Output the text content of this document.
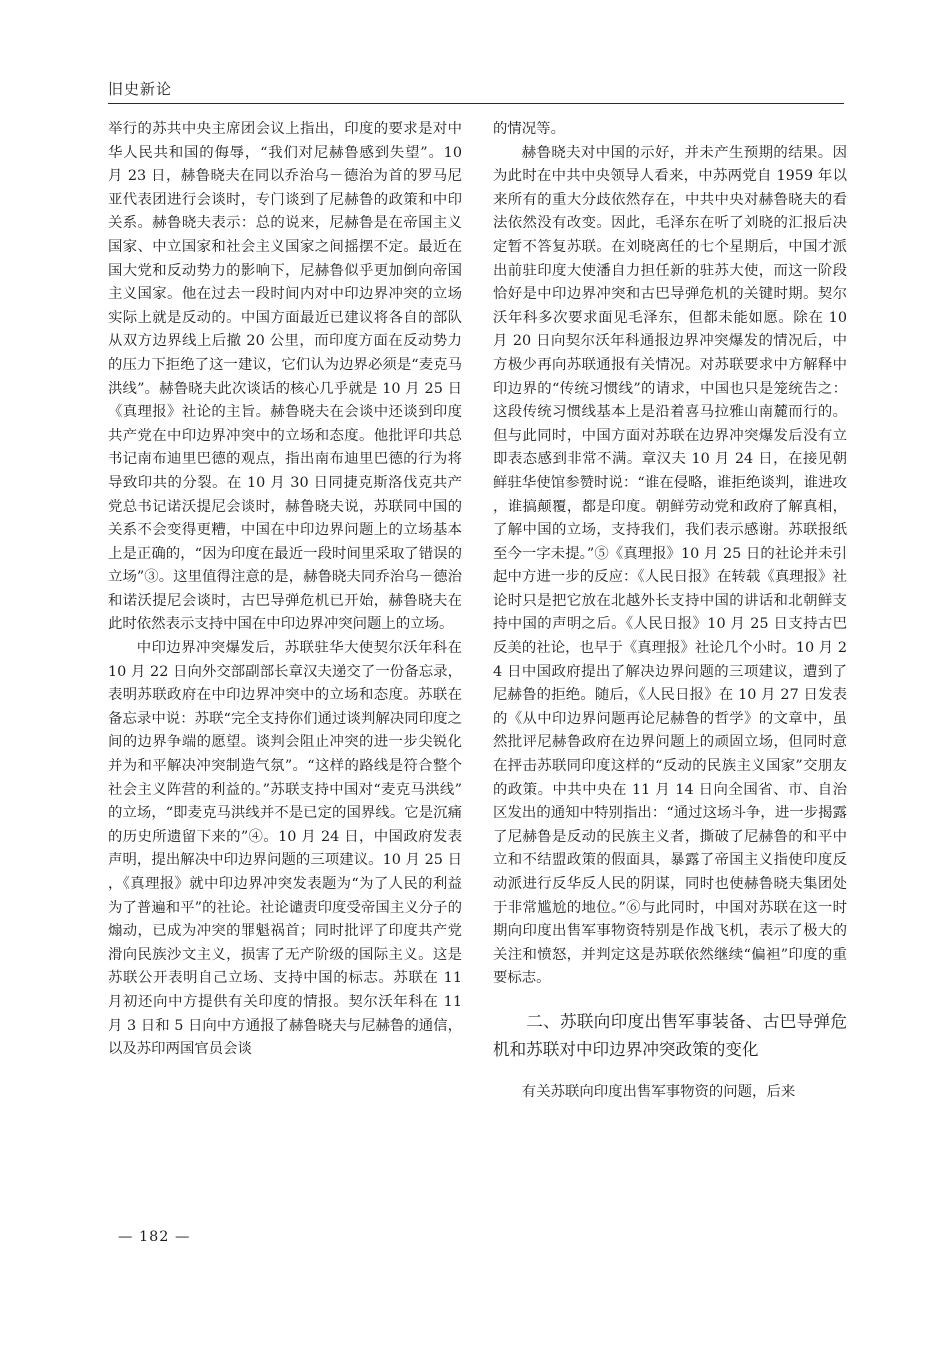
旧史新论

举行的苏共中央主席团会议上指出，印度的要求是对中华人民共和国的侮辱，“我们对尼赫鲁感到失望”。10 月 23 日，赫鲁晓夫在同以乔治乌－德治为首的罗马尼亚代表团进行会谈时，专门谈到了尼赫鲁的政策和中印关系。赫鲁晓夫表示：总的说来，尼赫鲁是在帝国主义国家、中立国家和社会主义国家之间摇摆不定。最近在国大党和反动势力的影响下，尼赫鲁似乎更加倒向帝国主义国家。他在过去一段时间内对中印边界冲突的立场实际上就是反动的。中国方面最近已建议将各自的部队从双方边界线上后撤 20 公里，而印度方面在反动势力的压力下拒绝了这一建议，它们认为边界必须是“麦克马洪线”。赫鲁晓夫此次谈话的核心几乎就是 10 月 25 日《真理报》社论的主旨。赫鲁晓夫在会谈中还谈到印度共产党在中印边界冲突中的立场和态度。他批评印共总书记南布迪里巴德的观点，指出南布迪里巴德的行为将导致印共的分裂。在 10 月 30 日同捷克斯洛伐克共产党总书记诺沃提尼会谈时，赫鲁晓夫说，苏联同中国的关系不会变得更糟，中国在中印边界问题上的立场基本上是正确的，“因为印度在最近一段时间里采取了错误的立场”③。这里值得注意的是，赫鲁晓夫同乔治乌－德治和诺沃提尼会谈时，古巴导弹危机已开始，赫鲁晓夫在此时依然表示支持中国在中印边界冲突问题上的立场。

中印边界冲突爆发后，苏联驻华大使契尔沃年科在 10 月 22 日向外交部副部长章汉夫递交了一份备忘录，表明苏联政府在中印边界冲突中的立场和态度。苏联在备忘录中说：苏联“完全支持你们通过谈判解决同印度之间的边界争端的愿望。谈判会阻止冲突的进一步尖锐化并为和平解决冲突制造气氛”。“这样的路线是符合整个社会主义阵营的利益的。”苏联支持中国对“麦克马洪线”的立场，“即麦克马洪线并不是已定的国界线。它是沉痛的历史所遗留下来的”④。10 月 24 日，中国政府发表声明，提出解决中印边界问题的三项建议。10 月 25 日，《真理报》就中印边界冲突发表题为“为了人民的利益 为了普遍和平”的社论。社论谴责印度受帝国主义分子的煽动，已成为冲突的罪魁祸首；同时批评了印度共产党滑向民族沙文主义，损害了无产阶级的国际主义。这是苏联公开表明自己立场、支持中国的标志。苏联在 11 月初还向中方提供有关印度的情报。契尔沃年科在 11 月 3 日和 5 日向中方通报了赫鲁晓夫与尼赫鲁的通信，以及苏印两国官员会谈

的情况等。

赫鲁晓夫对中国的示好，并未产生预期的结果。因为此时在中共中央领导人看来，中苏两党自 1959 年以来所有的重大分歧依然存在，中共中央对赫鲁晓夫的看法依然没有改变。因此，毛泽东在听了刘晓的汇报后决定暂不答复苏联。在刘晓离任的七个星期后，中国才派出前驻印度大使潘自力担任新的驻苏大使，而这一阶段恰好是中印边界冲突和古巴导弹危机的关键时期。契尔沃年科多次要求面见毛泽东，但都未能如愿。除在 10 月 20 日向契尔沃年科通报边界冲突爆发的情况后，中方极少再向苏联通报有关情况。对苏联要求中方解释中印边界的“传统习惯线”的请求，中国也只是笼统告之：这段传统习惯线基本上是沿着喜马拉雅山南麓而行的。但与此同时，中国方面对苏联在边界冲突爆发后没有立即表态感到非常不满。章汉夫 10 月 24 日，在接见朝鲜驻华使馆参赞时说：“谁在侵略，谁拒绝谈判，谁进攻，谁搞颠覆，都是印度。朝鲜劳动党和政府了解真相，了解中国的立场，支持我们，我们表示感谢。苏联报纸至今一字未提。”⑤《真理报》10 月 25 日的社论并未引起中方进一步的反应：《人民日报》在转载《真理报》社论时只是把它放在北越外长支持中国的讲话和北朝鲜支持中国的声明之后。《人民日报》10 月 25 日支持古巴反美的社论，也早于《真理报》社论几个小时。10 月 24 日中国政府提出了解决边界问题的三项建议，遭到了尼赫鲁的拒绝。随后，《人民日报》在 10 月 27 日发表的《从中印边界问题再论尼赫鲁的哲学》的文章中，虽然批评尼赫鲁政府在边界问题上的顽固立场，但同时意在抨击苏联同印度这样的“反动的民族主义国家”交朋友的政策。中共中央在 11 月 14 日向全国省、市、自治区发出的通知中特别指出：“通过这场斗争，进一步揭露了尼赫鲁是反动的民族主义者，撕破了尼赫鲁的和平中立和不结盟政策的假面具，暴露了帝国主义指使印度反动派进行反华反人民的阴谋，同时也使赫鲁晓夫集团处于非常尴尬的地位。”⑥与此同时，中国对苏联在这一时期向印度出售军事物资特别是作战飞机，表示了极大的关注和愤怒，并判定这是苏联依然继续“偏袒”印度的重要标志。

二、苏联向印度出售军事装备、古巴导弹危机和苏联对中印边界冲突政策的变化

有关苏联向印度出售军事物资的问题，后来

— 182 —
